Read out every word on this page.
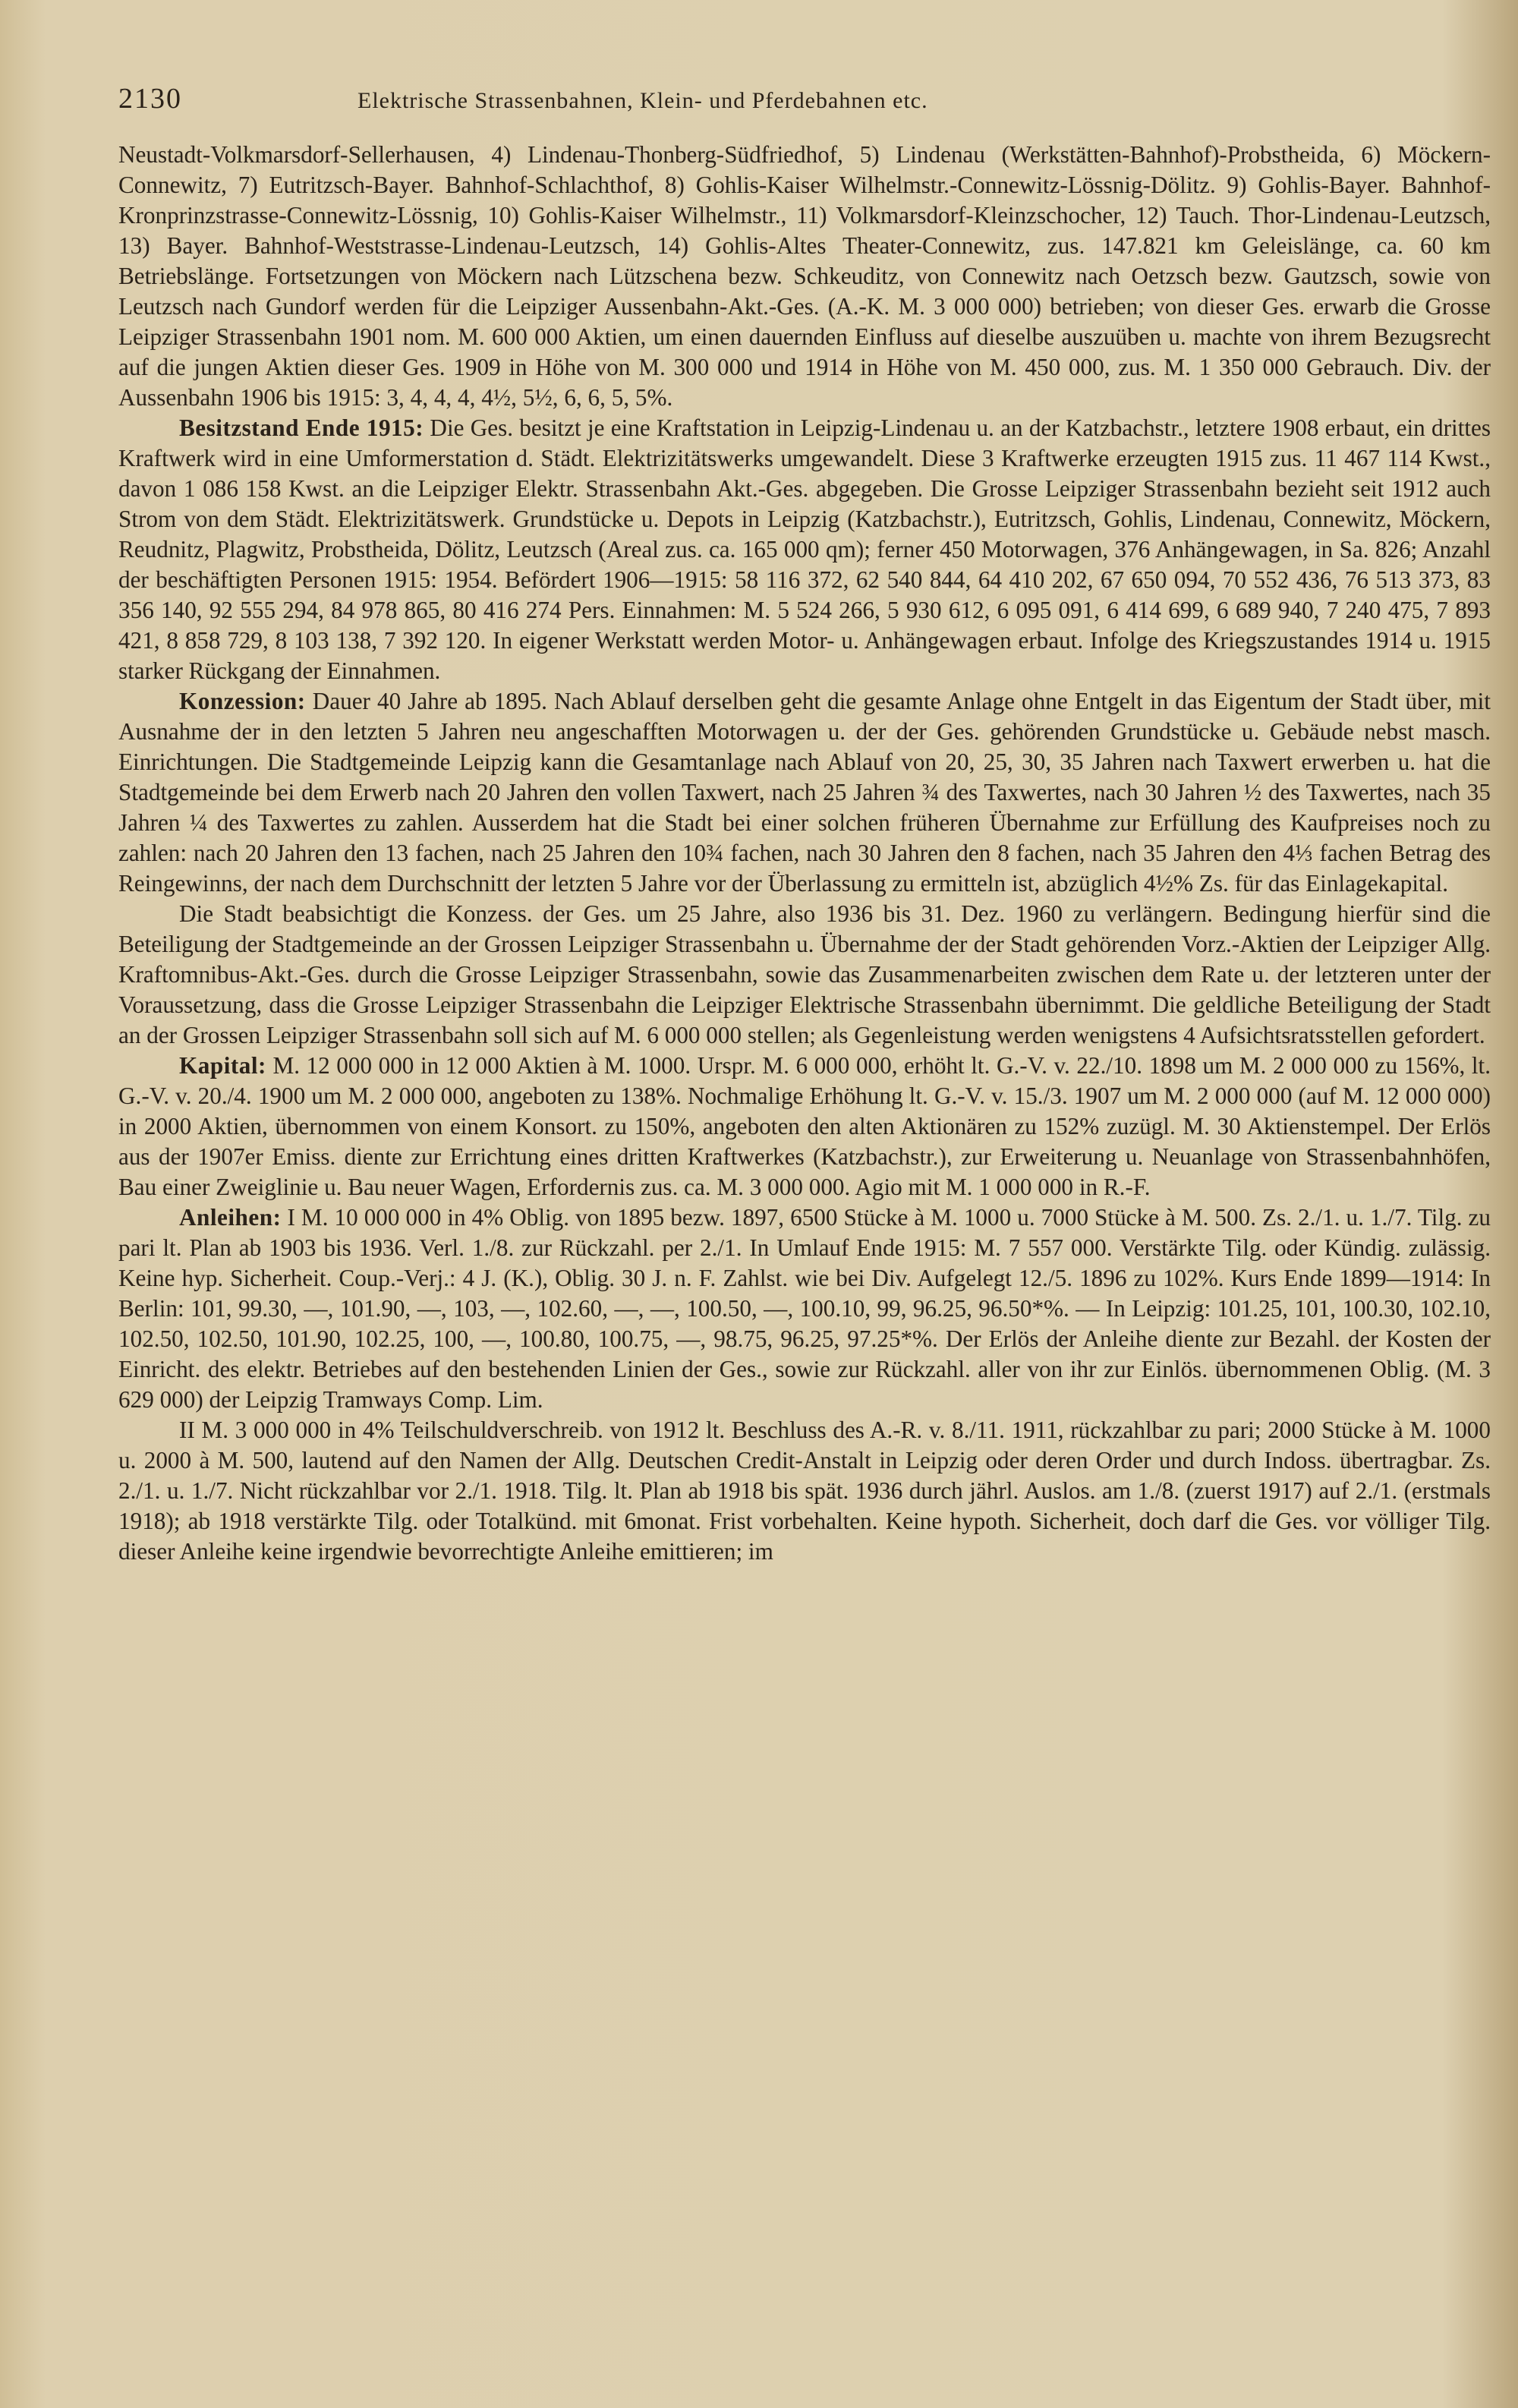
2130	Elektrische Strassenbahnen, Klein- und Pferdebahnen etc.

Neustadt-Volkmarsdorf-Sellerhausen, 4) Lindenau-Thonberg-Südfriedhof, 5) Lindenau (Werkstätten-Bahnhof)-Probstheida, 6) Möckern-Connewitz, 7) Eutritzsch-Bayer. Bahnhof-Schlachthof, 8) Gohlis-Kaiser Wilhelmstr.-Connewitz-Lössnig-Dölitz. 9) Gohlis-Bayer. Bahnhof-Kronprinzstrasse-Connewitz-Lössnig, 10) Gohlis-Kaiser Wilhelmstr., 11) Volkmarsdorf-Kleinzschocher, 12) Tauch. Thor-Lindenau-Leutzsch, 13) Bayer. Bahnhof-Weststrasse-Lindenau-Leutzsch, 14) Gohlis-Altes Theater-Connewitz, zus. 147.821 km Geleislänge, ca. 60 km Betriebslänge. Fortsetzungen von Möckern nach Lützschena bezw. Schkeuditz, von Connewitz nach Oetzsch bezw. Gautzsch, sowie von Leutzsch nach Gundorf werden für die Leipziger Aussenbahn-Akt.-Ges. (A.-K. M. 3 000 000) betrieben; von dieser Ges. erwarb die Grosse Leipziger Strassenbahn 1901 nom. M. 600 000 Aktien, um einen dauernden Einfluss auf dieselbe auszuüben u. machte von ihrem Bezugsrecht auf die jungen Aktien dieser Ges. 1909 in Höhe von M. 300 000 und 1914 in Höhe von M. 450 000, zus. M. 1 350 000 Gebrauch. Div. der Aussenbahn 1906 bis 1915: 3, 4, 4, 4, 4½, 5½, 6, 6, 5, 5%.

Besitzstand Ende 1915: Die Ges. besitzt je eine Kraftstation in Leipzig-Lindenau u. an der Katzbachstr., letztere 1908 erbaut, ein drittes Kraftwerk wird in eine Umformerstation d. Städt. Elektrizitätswerks umgewandelt. Diese 3 Kraftwerke erzeugten 1915 zus. 11 467 114 Kwst., davon 1 086 158 Kwst. an die Leipziger Elektr. Strassenbahn Akt.-Ges. abgegeben. Die Grosse Leipziger Strassenbahn bezieht seit 1912 auch Strom von dem Städt. Elektrizitätswerk. Grundstücke u. Depots in Leipzig (Katzbachstr.), Eutritzsch, Gohlis, Lindenau, Connewitz, Möckern, Reudnitz, Plagwitz, Probstheida, Dölitz, Leutzsch (Areal zus. ca. 165 000 qm); ferner 450 Motorwagen, 376 Anhängewagen, in Sa. 826; Anzahl der beschäftigten Personen 1915: 1954. Befördert 1906—1915: 58 116 372, 62 540 844, 64 410 202, 67 650 094, 70 552 436, 76 513 373, 83 356 140, 92 555 294, 84 978 865, 80 416 274 Pers. Einnahmen: M. 5 524 266, 5 930 612, 6 095 091, 6 414 699, 6 689 940, 7 240 475, 7 893 421, 8 858 729, 8 103 138, 7 392 120. In eigener Werkstatt werden Motor- u. Anhängewagen erbaut. Infolge des Kriegszustandes 1914 u. 1915 starker Rückgang der Einnahmen.

Konzession: Dauer 40 Jahre ab 1895. Nach Ablauf derselben geht die gesamte Anlage ohne Entgelt in das Eigentum der Stadt über, mit Ausnahme der in den letzten 5 Jahren neu angeschafften Motorwagen u. der der Ges. gehörenden Grundstücke u. Gebäude nebst masch. Einrichtungen. Die Stadtgemeinde Leipzig kann die Gesamtanlage nach Ablauf von 20, 25, 30, 35 Jahren nach Taxwert erwerben u. hat die Stadtgemeinde bei dem Erwerb nach 20 Jahren den vollen Taxwert, nach 25 Jahren ¾ des Taxwertes, nach 30 Jahren ½ des Taxwertes, nach 35 Jahren ¼ des Taxwertes zu zahlen. Ausserdem hat die Stadt bei einer solchen früheren Übernahme zur Erfüllung des Kaufpreises noch zu zahlen: nach 20 Jahren den 13 fachen, nach 25 Jahren den 10¾ fachen, nach 30 Jahren den 8 fachen, nach 35 Jahren den 4⅓ fachen Betrag des Reingewinns, der nach dem Durchschnitt der letzten 5 Jahre vor der Überlassung zu ermitteln ist, abzüglich 4½% Zs. für das Einlagekapital.

Die Stadt beabsichtigt die Konzess. der Ges. um 25 Jahre, also 1936 bis 31. Dez. 1960 zu verlängern. Bedingung hierfür sind die Beteiligung der Stadtgemeinde an der Grossen Leipziger Strassenbahn u. Übernahme der der Stadt gehörenden Vorz.-Aktien der Leipziger Allg. Kraftomnibus-Akt.-Ges. durch die Grosse Leipziger Strassenbahn, sowie das Zusammenarbeiten zwischen dem Rate u. der letzteren unter der Voraussetzung, dass die Grosse Leipziger Strassenbahn die Leipziger Elektrische Strassenbahn übernimmt. Die geldliche Beteiligung der Stadt an der Grossen Leipziger Strassenbahn soll sich auf M. 6 000 000 stellen; als Gegenleistung werden wenigstens 4 Aufsichtsratsstellen gefordert.

Kapital: M. 12 000 000 in 12 000 Aktien à M. 1000. Urspr. M. 6 000 000, erhöht lt. G.-V. v. 22./10. 1898 um M. 2 000 000 zu 156%, lt. G.-V. v. 20./4. 1900 um M. 2 000 000, angeboten zu 138%. Nochmalige Erhöhung lt. G.-V. v. 15./3. 1907 um M. 2 000 000 (auf M. 12 000 000) in 2000 Aktien, übernommen von einem Konsort. zu 150%, angeboten den alten Aktionären zu 152% zuzügl. M. 30 Aktienstempel. Der Erlös aus der 1907er Emiss. diente zur Errichtung eines dritten Kraftwerkes (Katzbachstr.), zur Erweiterung u. Neuanlage von Strassenbahnhöfen, Bau einer Zweiglinie u. Bau neuer Wagen, Erfordernis zus. ca. M. 3 000 000. Agio mit M. 1 000 000 in R.-F.

Anleihen: I M. 10 000 000 in 4% Oblig. von 1895 bezw. 1897, 6500 Stücke à M. 1000 u. 7000 Stücke à M. 500. Zs. 2./1. u. 1./7. Tilg. zu pari lt. Plan ab 1903 bis 1936. Verl. 1./8. zur Rückzahl. per 2./1. In Umlauf Ende 1915: M. 7 557 000. Verstärkte Tilg. oder Kündig. zulässig. Keine hyp. Sicherheit. Coup.-Verj.: 4 J. (K.), Oblig. 30 J. n. F. Zahlst. wie bei Div. Aufgelegt 12./5. 1896 zu 102%. Kurs Ende 1899—1914: In Berlin: 101, 99.30, —, 101.90, —, 103, —, 102.60, —, —, 100.50, —, 100.10, 99, 96.25, 96.50*%. — In Leipzig: 101.25, 101, 100.30, 102.10, 102.50, 102.50, 101.90, 102.25, 100, —, 100.80, 100.75, —, 98.75, 96.25, 97.25*%. Der Erlös der Anleihe diente zur Bezahl. der Kosten der Einricht. des elektr. Betriebes auf den bestehenden Linien der Ges., sowie zur Rückzahl. aller von ihr zur Einlös. übernommenen Oblig. (M. 3 629 000) der Leipzig Tramways Comp. Lim.

II M. 3 000 000 in 4% Teilschuldverschreib. von 1912 lt. Beschluss des A.-R. v. 8./11. 1911, rückzahlbar zu pari; 2000 Stücke à M. 1000 u. 2000 à M. 500, lautend auf den Namen der Allg. Deutschen Credit-Anstalt in Leipzig oder deren Order und durch Indoss. übertragbar. Zs. 2./1. u. 1./7. Nicht rückzahlbar vor 2./1. 1918. Tilg. lt. Plan ab 1918 bis spät. 1936 durch jährl. Auslos. am 1./8. (zuerst 1917) auf 2./1. (erstmals 1918); ab 1918 verstärkte Tilg. oder Totalkünd. mit 6monat. Frist vorbehalten. Keine hypoth. Sicherheit, doch darf die Ges. vor völliger Tilg. dieser Anleihe keine irgendwie bevorrechtigte Anleihe emittieren; im
